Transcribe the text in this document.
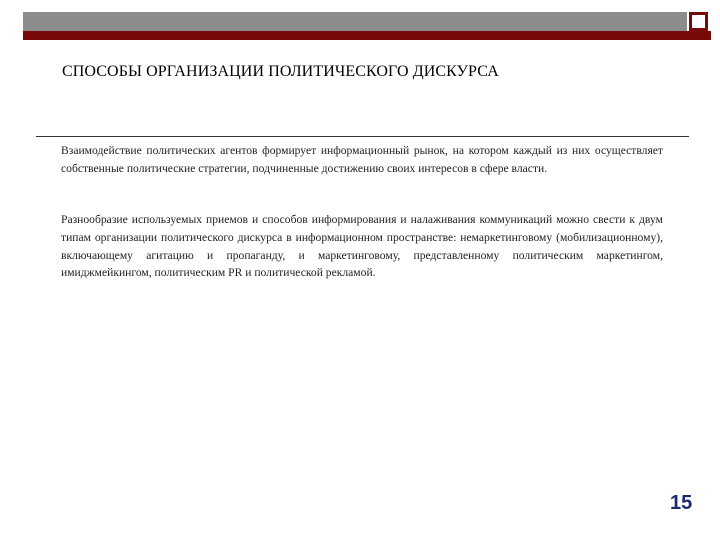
СПОСОБЫ ОРГАНИЗАЦИИ ПОЛИТИЧЕСКОГО ДИСКУРСА

Взаимодействие политических агентов формирует информационный рынок, на котором каждый из них осуществляет собственные политические стратегии, подчиненные достижению своих интересов в сфере власти.

Разнообразие используемых приемов и способов информирования и налаживания коммуникаций можно свести к двум типам организации политического дискурса в информационном пространстве: немаркетинговому (мобилизационному), включающему агитацию и пропаганду, и маркетинговому, представленному политическим маркетингом, имиджмейкингом, политическим PR и политической рекламой.

15
